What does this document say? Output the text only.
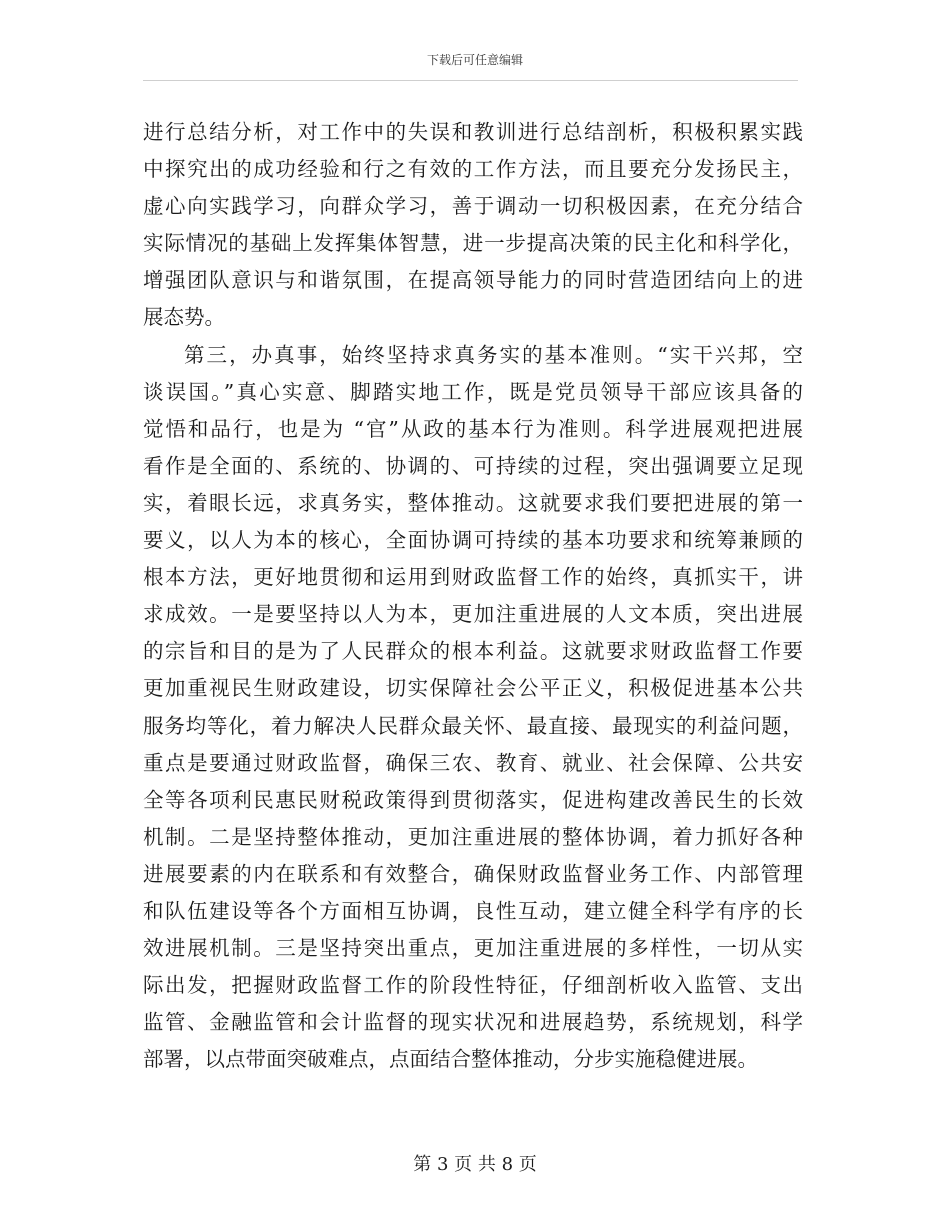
下载后可任意编辑
进行总结分析，对工作中的失误和教训进行总结剖析，积极积累实践
中探究出的成功经验和行之有效的工作方法，而且要充分发扬民主，
虚心向实践学习，向群众学习，善于调动一切积极因素，在充分结合
实际情况的基础上发挥集体智慧，进一步提高决策的民主化和科学化，
增强团队意识与和谐氛围，在提高领导能力的同时营造团结向上的进
展态势。
第三，办真事，始终坚持求真务实的基本准则。“实干兴邦，空
谈误国。”真心实意、脚踏实地工作，既是党员领导干部应该具备的
觉悟和品行，也是为 “官”从政的基本行为准则。科学进展观把进展
看作是全面的、系统的、协调的、可持续的过程，突出强调要立足现
实，着眼长远，求真务实，整体推动。这就要求我们要把进展的第一
要义，以人为本的核心，全面协调可持续的基本功要求和统筹兼顾的
根本方法，更好地贯彻和运用到财政监督工作的始终，真抓实干，讲
求成效。一是要坚持以人为本，更加注重进展的人文本质，突出进展
的宗旨和目的是为了人民群众的根本利益。这就要求财政监督工作要
更加重视民生财政建设，切实保障社会公平正义，积极促进基本公共
服务均等化，着力解决人民群众最关怀、最直接、最现实的利益问题，
重点是要通过财政监督，确保三农、教育、就业、社会保障、公共安
全等各项利民惠民财税政策得到贯彻落实，促进构建改善民生的长效
机制。二是坚持整体推动，更加注重进展的整体协调，着力抓好各种
进展要素的内在联系和有效整合，确保财政监督业务工作、内部管理
和队伍建设等各个方面相互协调，良性互动，建立健全科学有序的长
效进展机制。三是坚持突出重点，更加注重进展的多样性，一切从实
际出发，把握财政监督工作的阶段性特征，仔细剖析收入监管、支出
监管、金融监管和会计监督的现实状况和进展趋势，系统规划，科学
部署，以点带面突破难点，点面结合整体推动，分步实施稳健进展。
第 3 页 共 8 页
